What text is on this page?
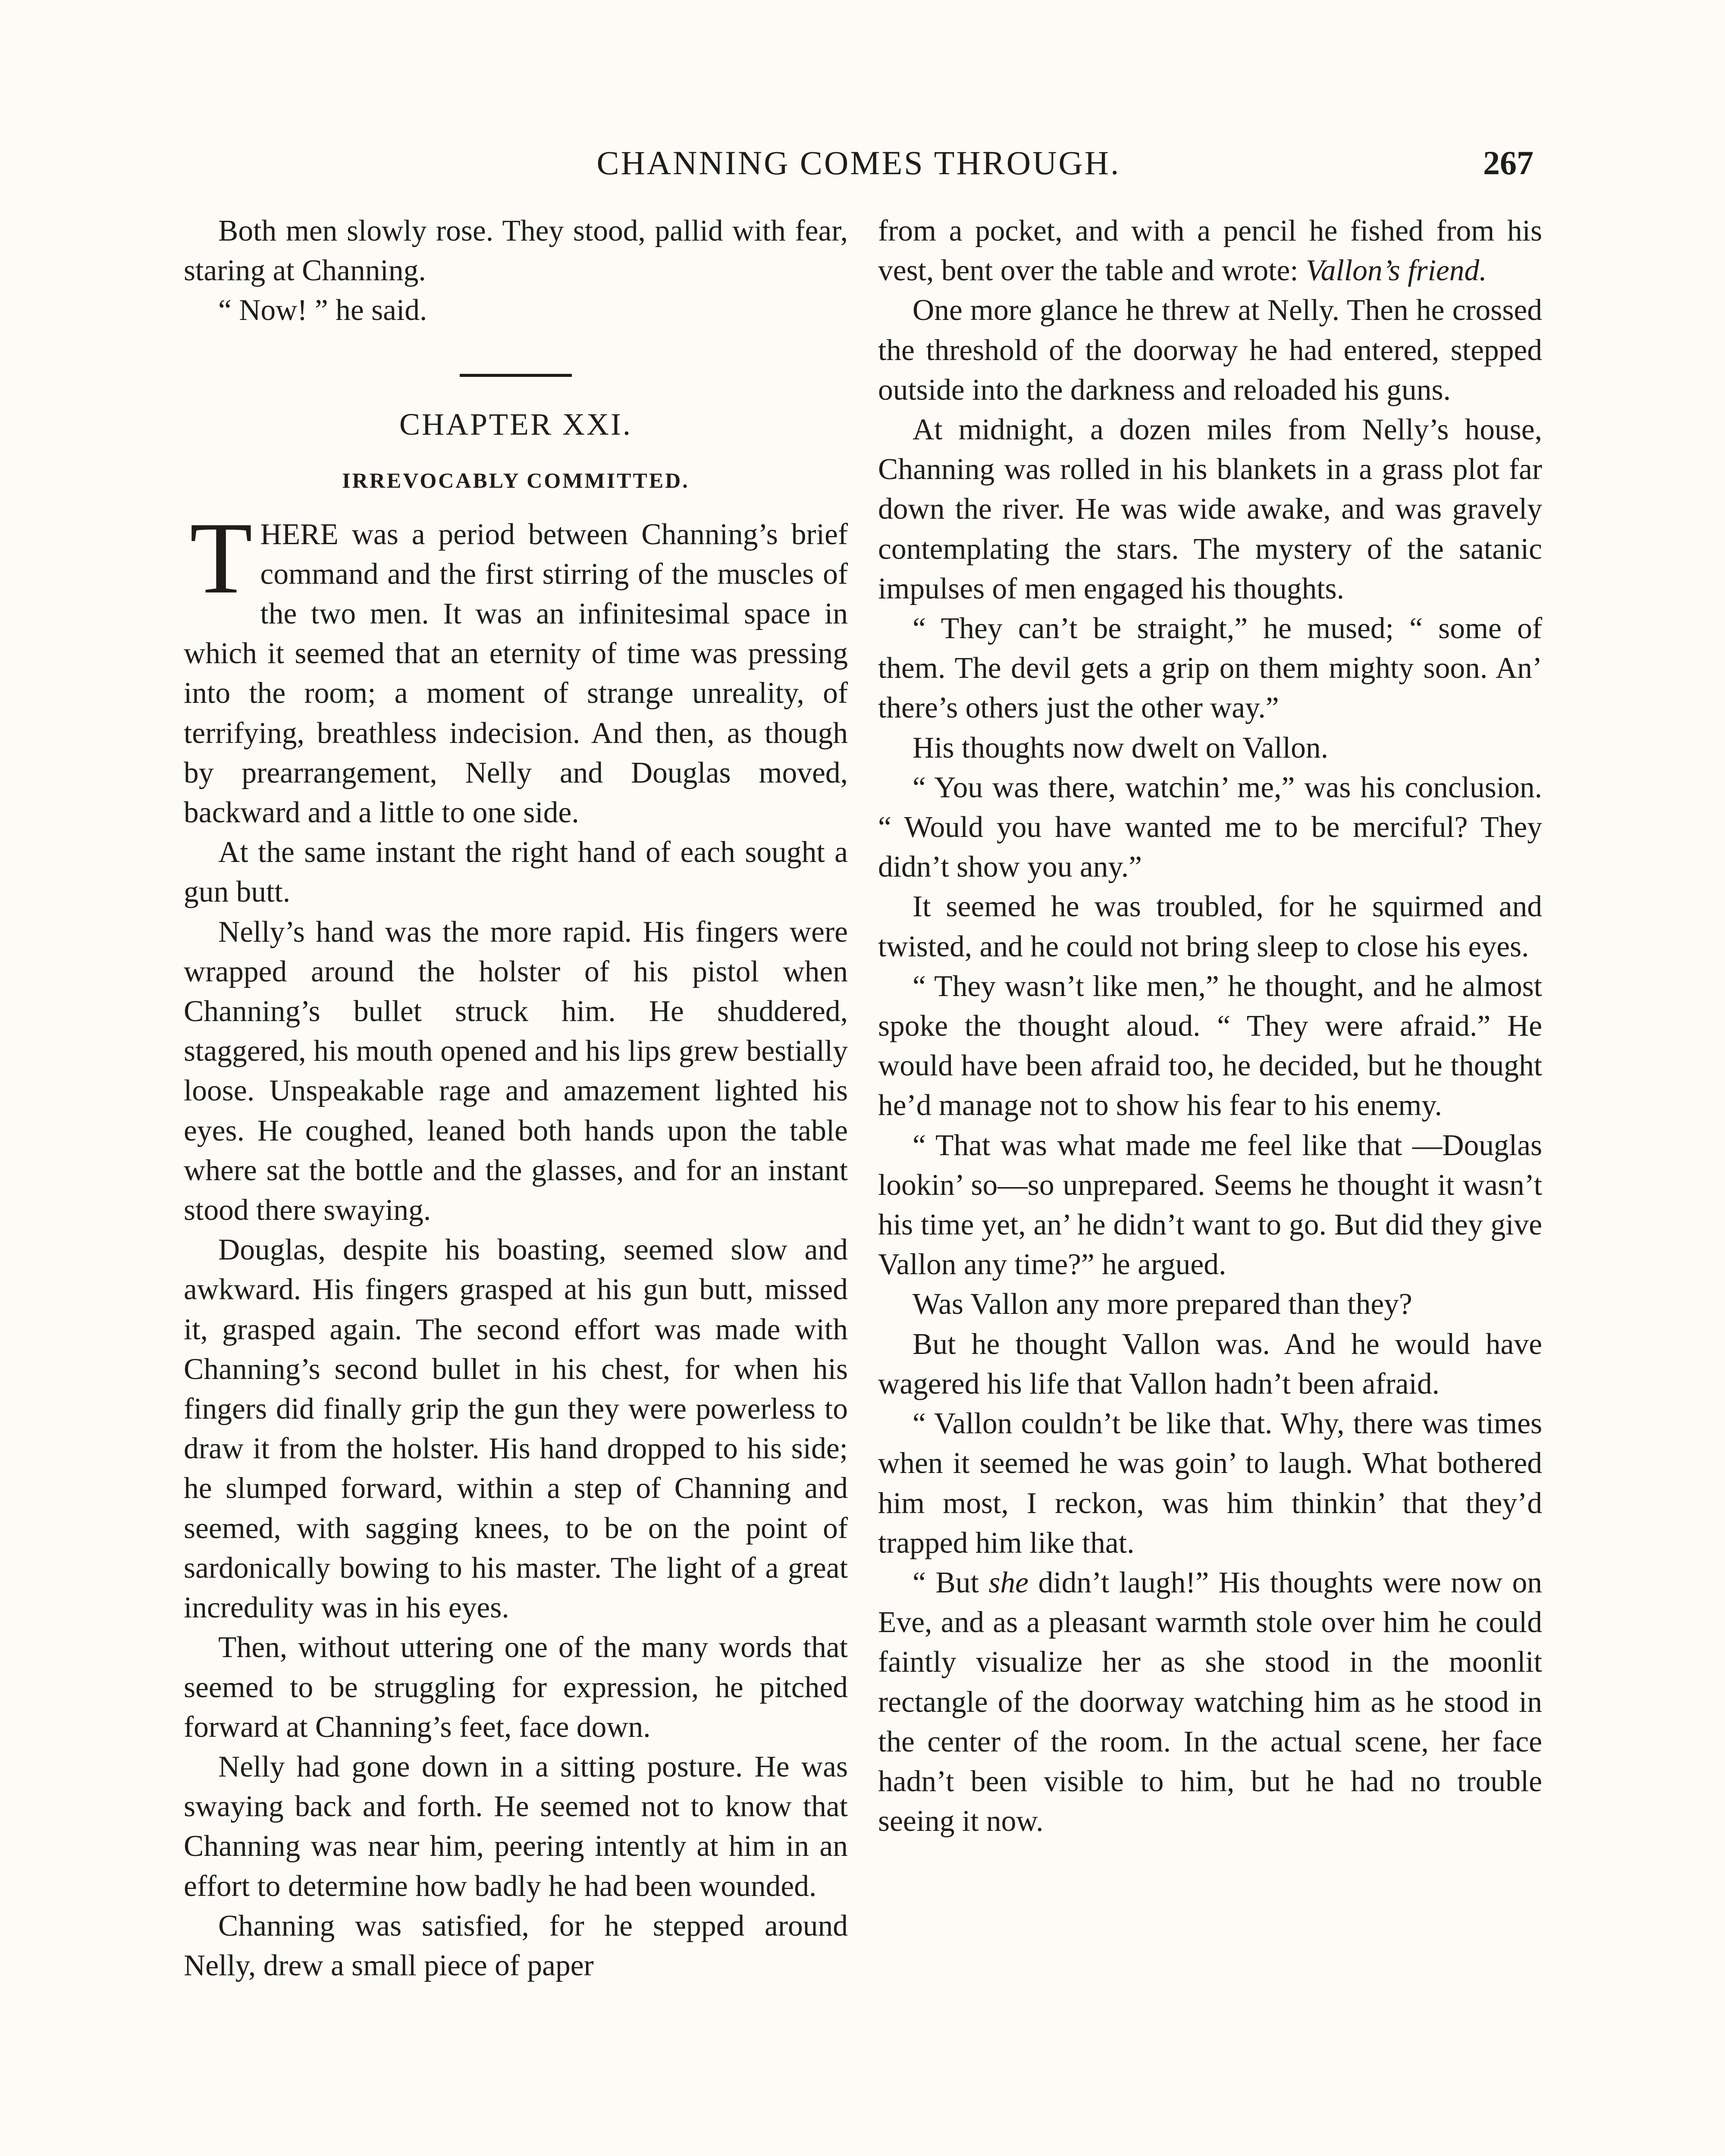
CHANNING COMES THROUGH.	267

Both men slowly rose. They stood, pallid with fear, staring at Channing.

“ Now! ” he said.

CHAPTER XXI.
IRREVOCABLY COMMITTED.

THERE was a period between Channing’s brief command and the first stirring of the muscles of the two men. It was an infinitesimal space in which it seemed that an eternity of time was pressing into the room; a moment of strange unreality, of terrifying, breathless indecision. And then, as though by prearrangement, Nelly and Douglas moved, backward and a little to one side.

At the same instant the right hand of each sought a gun butt.

Nelly’s hand was the more rapid. His fingers were wrapped around the holster of his pistol when Channing’s bullet struck him. He shuddered, staggered, his mouth opened and his lips grew bestially loose. Unspeakable rage and amazement lighted his eyes. He coughed, leaned both hands upon the table where sat the bottle and the glasses, and for an instant stood there swaying.

Douglas, despite his boasting, seemed slow and awkward. His fingers grasped at his gun butt, missed it, grasped again. The second effort was made with Channing’s second bullet in his chest, for when his fingers did finally grip the gun they were powerless to draw it from the holster. His hand dropped to his side; he slumped forward, within a step of Channing and seemed, with sagging knees, to be on the point of sardonically bowing to his master. The light of a great incredulity was in his eyes.

Then, without uttering one of the many words that seemed to be struggling for expression, he pitched forward at Channing’s feet, face down.

Nelly had gone down in a sitting posture. He was swaying back and forth. He seemed not to know that Channing was near him, peering intently at him in an effort to determine how badly he had been wounded.

Channing was satisfied, for he stepped around Nelly, drew a small piece of paper

from a pocket, and with a pencil he fished from his vest, bent over the table and wrote: Vallon’s friend.

One more glance he threw at Nelly. Then he crossed the threshold of the doorway he had entered, stepped outside into the darkness and reloaded his guns.

At midnight, a dozen miles from Nelly’s house, Channing was rolled in his blankets in a grass plot far down the river. He was wide awake, and was gravely contemplating the stars. The mystery of the satanic impulses of men engaged his thoughts.

“ They can’t be straight,” he mused; “ some of them. The devil gets a grip on them mighty soon. An’ there’s others just the other way.”

His thoughts now dwelt on Vallon.

“ You was there, watchin’ me,” was his conclusion. “ Would you have wanted me to be merciful? They didn’t show you any.”

It seemed he was troubled, for he squirmed and twisted, and he could not bring sleep to close his eyes.

“ They wasn’t like men,” he thought, and he almost spoke the thought aloud. “ They were afraid.” He would have been afraid too, he decided, but he thought he’d manage not to show his fear to his enemy.

“ That was what made me feel like that —Douglas lookin’ so—so unprepared. Seems he thought it wasn’t his time yet, an’ he didn’t want to go. But did they give Vallon any time?” he argued.

Was Vallon any more prepared than they?

But he thought Vallon was. And he would have wagered his life that Vallon hadn’t been afraid.

“ Vallon couldn’t be like that. Why, there was times when it seemed he was goin’ to laugh. What bothered him most, I reckon, was him thinkin’ that they’d trapped him like that.

“ But she didn’t laugh!” His thoughts were now on Eve, and as a pleasant warmth stole over him he could faintly visualize her as she stood in the moonlit rectangle of the doorway watching him as he stood in the center of the room. In the actual scene, her face hadn’t been visible to him, but he had no trouble seeing it now.
